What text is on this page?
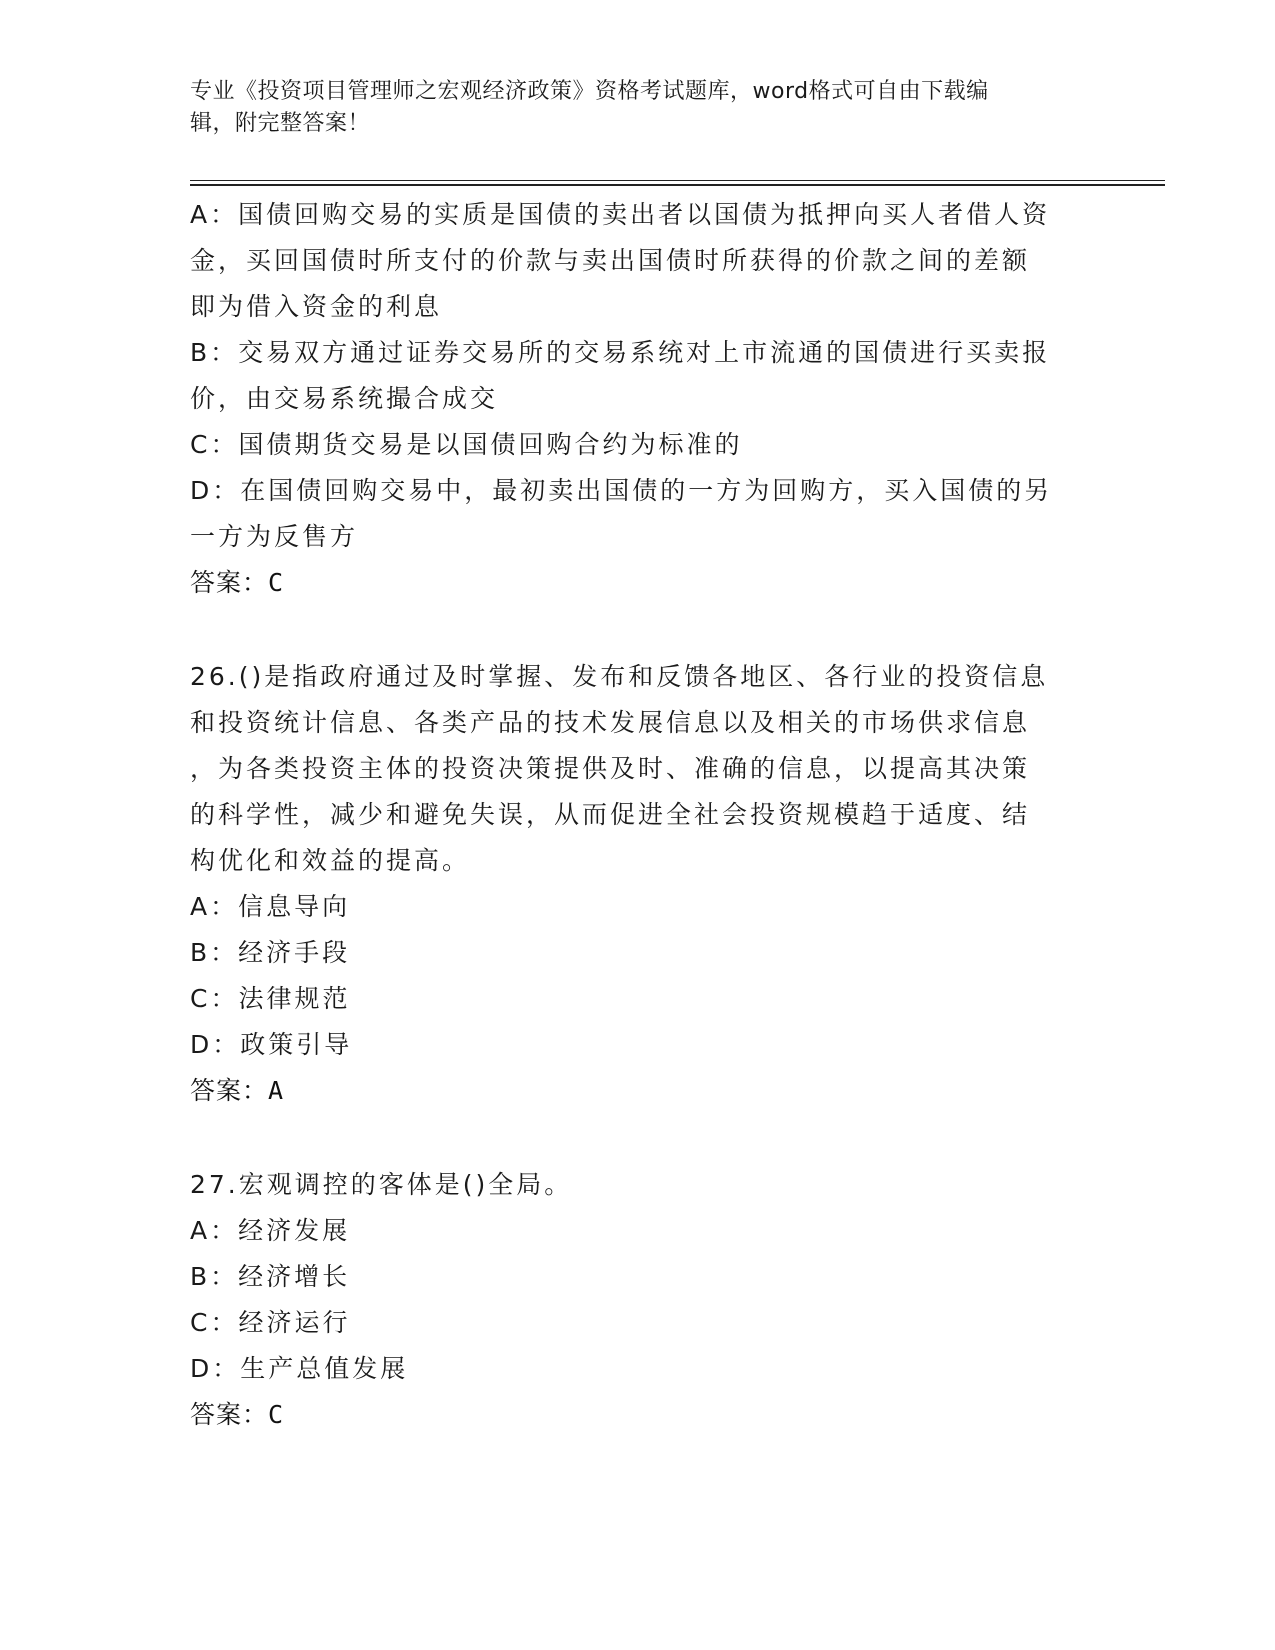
专业《投资项目管理师之宏观经济政策》资格考试题库，word格式可自由下载编
辑，附完整答案！
A：国债回购交易的实质是国债的卖出者以国债为抵押向买人者借人资
金，买回国债时所支付的价款与卖出国债时所获得的价款之间的差额
即为借入资金的利息
B：交易双方通过证券交易所的交易系统对上市流通的国债进行买卖报
价，由交易系统撮合成交
C：国债期货交易是以国债回购合约为标准的
D：在国债回购交易中，最初卖出国债的一方为回购方，买入国债的另
一方为反售方
答案：C
26.()是指政府通过及时掌握、发布和反馈各地区、各行业的投资信息
和投资统计信息、各类产品的技术发展信息以及相关的市场供求信息
，为各类投资主体的投资决策提供及时、准确的信息，以提高其决策
的科学性，减少和避免失误，从而促进全社会投资规模趋于适度、结
构优化和效益的提高。
A：信息导向
B：经济手段
C：法律规范
D：政策引导
答案：A
27.宏观调控的客体是()全局。
A：经济发展
B：经济增长
C：经济运行
D：生产总值发展
答案：C
